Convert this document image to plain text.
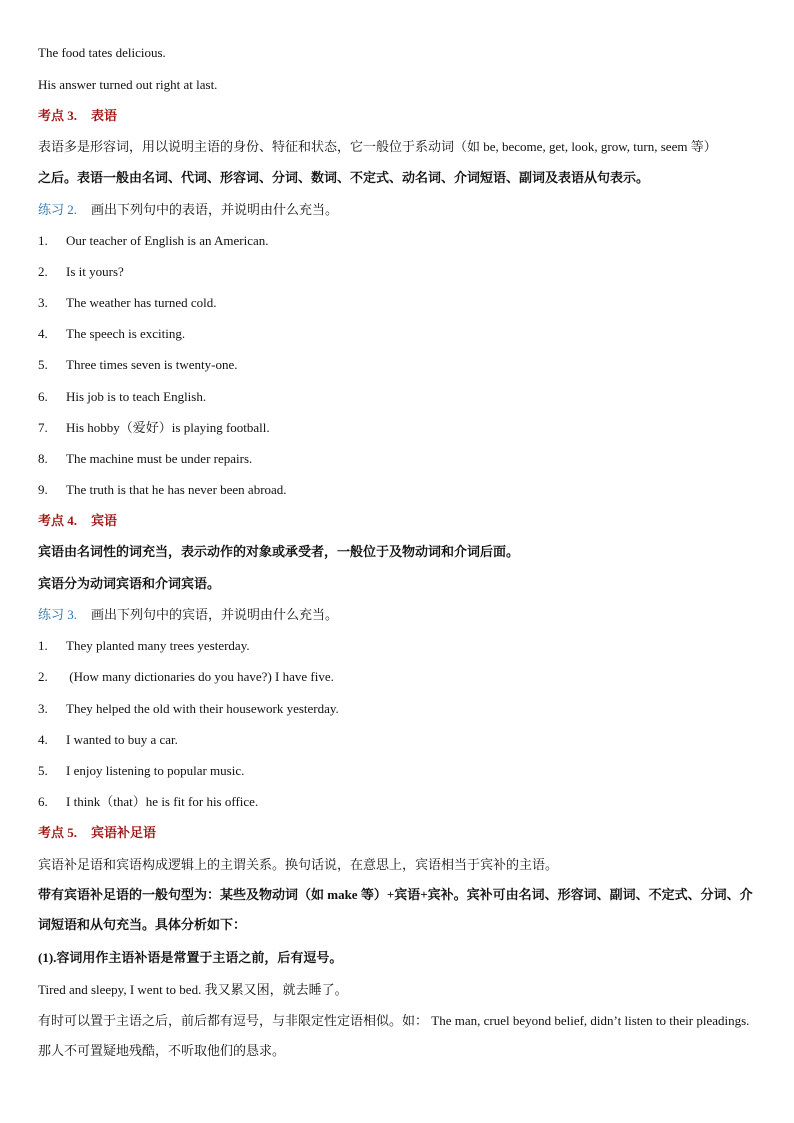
The food tates delicious.
His answer turned out right at last.
考点 3. 表语
表语多是形容词，用以说明主语的身份、特征和状态，它一般位于系动词（如 be, become, get, look, grow, turn, seem 等）
之后。表语一般由名词、代词、形容词、分词、数词、不定式、动名词、介词短语、副词及表语从句表示。
练习 2. 画出下列句中的表语，并说明由什么充当。
1. Our teacher of English is an American.
2. Is it yours?
3. The weather has turned cold.
4. The speech is exciting.
5. Three times seven is twenty-one.
6. His job is to teach English.
7. His hobby（爱好）is playing football.
8. The machine must be under repairs.
9. The truth is that he has never been abroad.
考点 4. 宾语
宾语由名词性的词充当，表示动作的对象或承受者，一般位于及物动词和介词后面。
宾语分为动词宾语和介词宾语。
练习 3. 画出下列句中的宾语，并说明由什么充当。
1. They planted many trees yesterday.
2. (How many dictionaries do you have?) I have five.
3. They helped the old with their housework yesterday.
4. I wanted to buy a car.
5. I enjoy listening to popular music.
6. I think（that）he is fit for his office.
考点 5. 宾语补足语
宾语补足语和宾语构成逻辑上的主谓关系。换句话说，在意思上，宾语相当于宾补的主语。
带有宾语补足语的一般句型为：某些及物动词（如 make 等）+宾语+宾补。宾补可由名词、形容词、副词、不定式、分词、介词短语和从句充当。具体分析如下：
(1).容词用作主语补语是常置于主语之前，后有逗号。
Tired and sleepy, I went to bed. 我又累又困，就去睡了。
有时可以置于主语之后，前后都有逗号，与非限定性定语相似。如： The man, cruel beyond belief, didn’t listen to their pleadings. 那人不可置疑地残酷，不听取他们的恳求。
